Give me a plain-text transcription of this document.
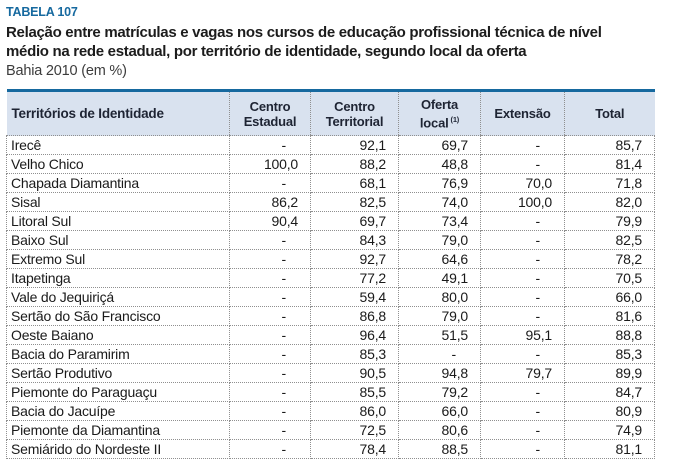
TABELA 107
Relação entre matrículas e vagas nos cursos de educação profissional técnica de nível
médio na rede estadual, por território de identidade, segundo local da oferta
Bahia 2010 (em %)
Territórios de Identidade	Centro Estadual	Centro Territorial	Oferta local $^{(1)}$	Extensão	Total
Irecê	-	92,1	69,7	-	85,7
Velho Chico	100,0	88,2	48,8	-	81,4
Chapada Diamantina	-	68,1	76,9	70,0	71,8
Sisal	86,2	82,5	74,0	100,0	82,0
Litoral Sul	90,4	69,7	73,4	-	79,9
Baixo Sul	-	84,3	79,0	-	82,5
Extremo Sul	-	92,7	64,6	-	78,2
Itapetinga	-	77,2	49,1	-	70,5
Vale do Jequiriçá	-	59,4	80,0	-	66,0
Sertão do São Francisco	-	86,8	79,0	-	81,6
Oeste Baiano	-	96,4	51,5	95,1	88,8
Bacia do Paramirim	-	85,3	-	-	85,3
Sertão Produtivo	-	90,5	94,8	79,7	89,9
Piemonte do Paraguaçu	-	85,5	79,2	-	84,7
Bacia do Jacuípe	-	86,0	66,0	-	80,9
Piemonte da Diamantina	-	72,5	80,6	-	74,9
Semiárido do Nordeste II	-	78,4	88,5	-	81,1
